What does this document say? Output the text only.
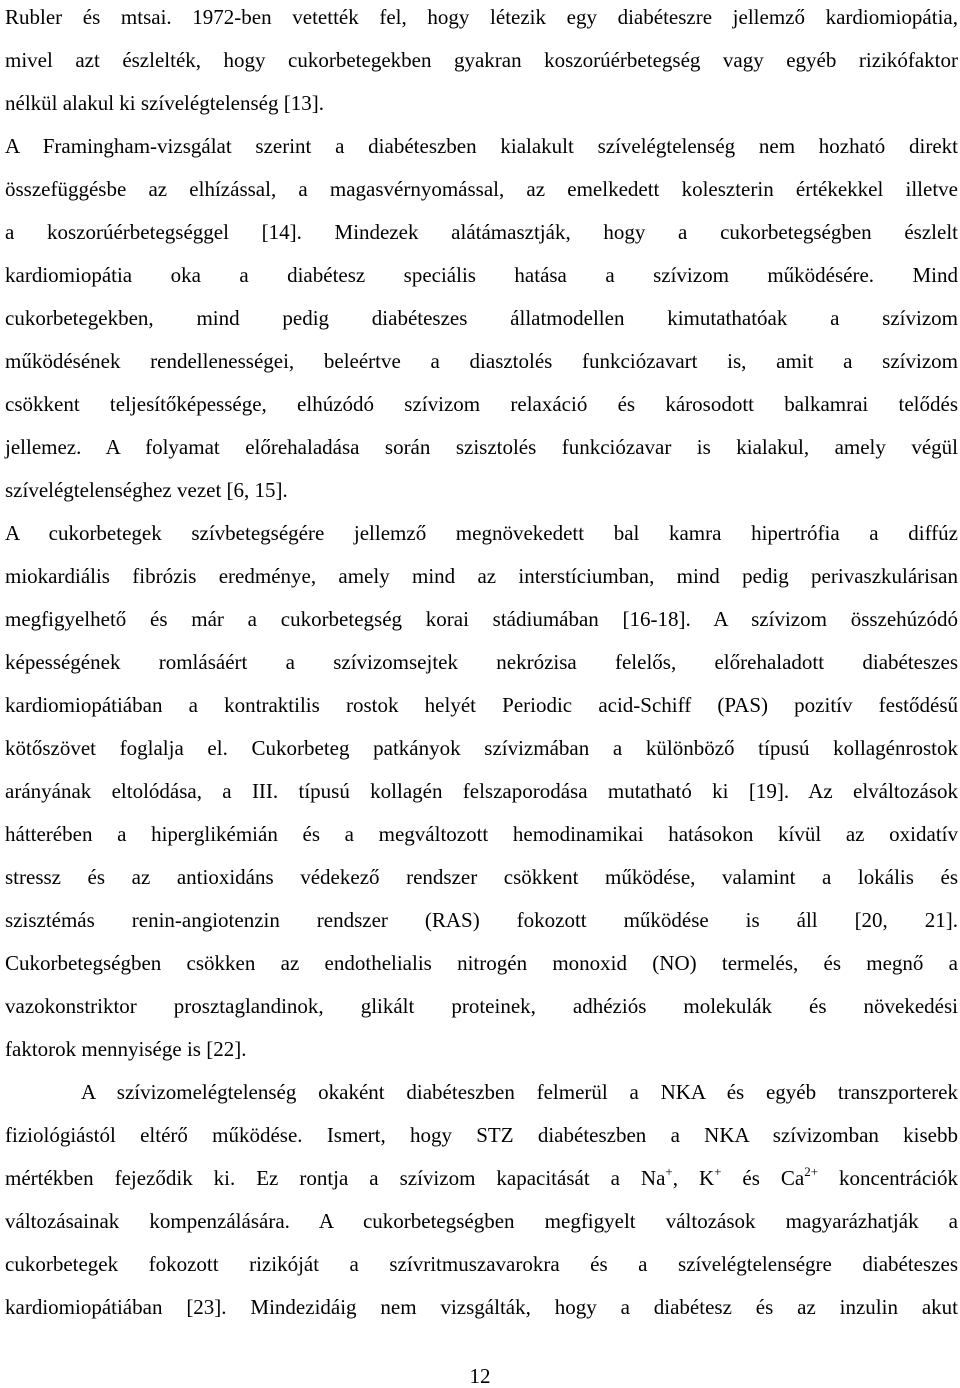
Rubler és mtsai. 1972-ben vetették fel, hogy létezik egy diabéteszre jellemző kardiomiopátia,
mivel azt észlelték, hogy cukorbetegekben gyakran koszorúérbetegség vagy egyéb rizikófaktor
nélkül alakul ki szívelégtelenség [13].
A Framingham-vizsgálat szerint a diabéteszben kialakult szívelégtelenség nem hozható direkt
összefüggésbe az elhízással, a magasvérnyomással, az emelkedett koleszterin értékekkel illetve
a koszorúérbetegséggel [14]. Mindezek alátámasztják, hogy a cukorbetegségben észlelt
kardiomiopátia oka a diabétesz speciális hatása a szívizom működésére. Mind
cukorbetegekben, mind pedig diabéteszes állatmodellen kimutathatóak a szívizom
működésének rendellenességei, beleértve a diasztolés funkciózavart is, amit a szívizom
csökkent teljesítőképessége, elhúzódó szívizom relaxáció és károsodott balkamrai telődés
jellemez. A folyamat előrehaladása során szisztolés funkciózavar is kialakul, amely végül
szívelégtelenséghez vezet [6, 15].
A cukorbetegek szívbetegségére jellemző megnövekedett bal kamra hipertrófia a diffúz
miokardiális fibrózis eredménye, amely mind az interstíciumban, mind pedig perivaszkulárisan
megfigyelhető és már a cukorbetegség korai stádiumában [16-18]. A szívizom összehúzódó
képességének romlásáért a szívizomsejtek nekrózisa felelős, előrehaladott diabéteszes
kardiomiopátiában a kontraktilis rostok helyét Periodic acid-Schiff (PAS) pozitív festődésű
kötőszövet foglalja el. Cukorbeteg patkányok szívizmában a különböző típusú kollagénrostok
arányának eltolódása, a III. típusú kollagén felszaporodása mutatható ki [19]. Az elváltozások
hátterében a hiperglikémián és a megváltozott hemodinamikai hatásokon kívül az oxidatív
stressz és az antioxidáns védekező rendszer csökkent működése, valamint a lokális és
szisztémás renin-angiotenzin rendszer (RAS) fokozott működése is áll [20, 21].
Cukorbetegségben csökken az endothelialis nitrogén monoxid (NO) termelés, és megnő a
vazokonstriktor prosztaglandinok, glikált proteinek, adhéziós molekulák és növekedési
faktorok mennyisége is [22].
A szívizomelégtelenség okaként diabéteszben felmerül a NKA és egyéb transzporterek
fiziológiástól eltérő működése. Ismert, hogy STZ diabéteszben a NKA szívizomban kisebb
mértékben fejeződik ki. Ez rontja a szívizom kapacitását a Na+, K+ és $Ca^{2+}$ koncentrációk
változásainak kompenzálására. A cukorbetegségben megfigyelt változások magyarázhatják a
cukorbetegek fokozott rizikóját a szívritmuszavarokra és a szívelégtelenségre diabéteszes
kardiomiopátiában [23]. Mindezidáig nem vizsgálták, hogy a diabétesz és az inzulin akut
12
